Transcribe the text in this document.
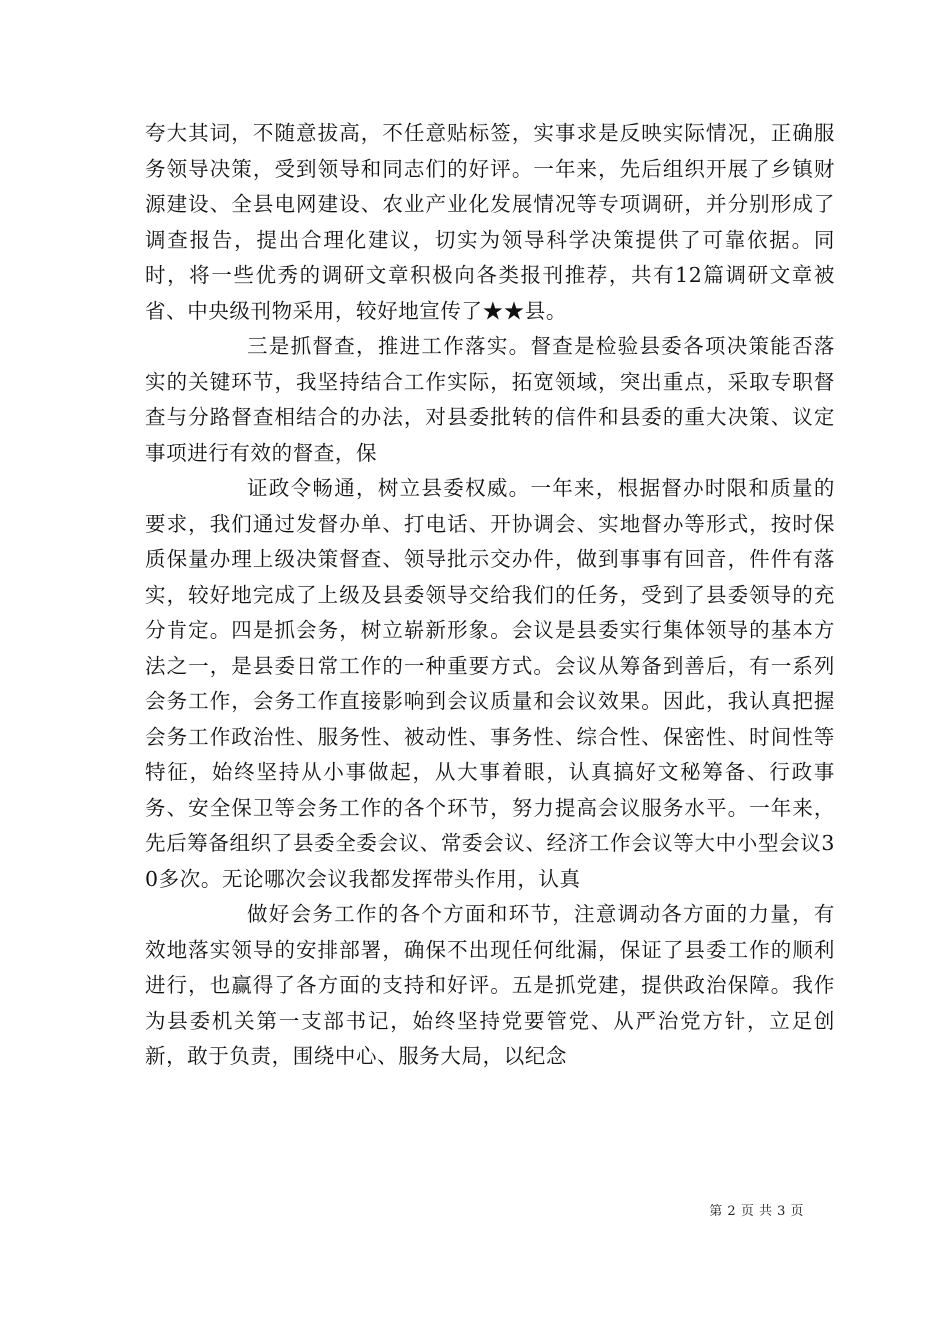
夸大其词，不随意拔高，不任意贴标签，实事求是反映实际情况，正确服务领导决策，受到领导和同志们的好评。一年来，先后组织开展了乡镇财源建设、全县电网建设、农业产业化发展情况等专项调研，并分别形成了调查报告，提出合理化建议，切实为领导科学决策提供了可靠依据。同时，将一些优秀的调研文章积极向各类报刊推荐，共有12篇调研文章被省、中央级刊物采用，较好地宣传了★★县。

三是抓督查，推进工作落实。督查是检验县委各项决策能否落实的关键环节，我坚持结合工作实际，拓宽领域，突出重点，采取专职督查与分路督查相结合的办法，对县委批转的信件和县委的重大决策、议定事项进行有效的督查，保

证政令畅通，树立县委权威。一年来，根据督办时限和质量的要求，我们通过发督办单、打电话、开协调会、实地督办等形式，按时保质保量办理上级决策督查、领导批示交办件，做到事事有回音，件件有落实，较好地完成了上级及县委领导交给我们的任务，受到了县委领导的充分肯定。四是抓会务，树立崭新形象。会议是县委实行集体领导的基本方法之一，是县委日常工作的一种重要方式。会议从筹备到善后，有一系列会务工作，会务工作直接影响到会议质量和会议效果。因此，我认真把握会务工作政治性、服务性、被动性、事务性、综合性、保密性、时间性等特征，始终坚持从小事做起，从大事着眼，认真搞好文秘筹备、行政事务、安全保卫等会务工作的各个环节，努力提高会议服务水平。一年来，先后筹备组织了县委全委会议、常委会议、经济工作会议等大中小型会议30多次。无论哪次会议我都发挥带头作用，认真

做好会务工作的各个方面和环节，注意调动各方面的力量，有效地落实领导的安排部署，确保不出现任何纰漏，保证了县委工作的顺利进行，也赢得了各方面的支持和好评。五是抓党建，提供政治保障。我作为县委机关第一支部书记，始终坚持党要管党、从严治党方针，立足创新，敢于负责，围绕中心、服务大局，以纪念

第 2 页 共 3 页
